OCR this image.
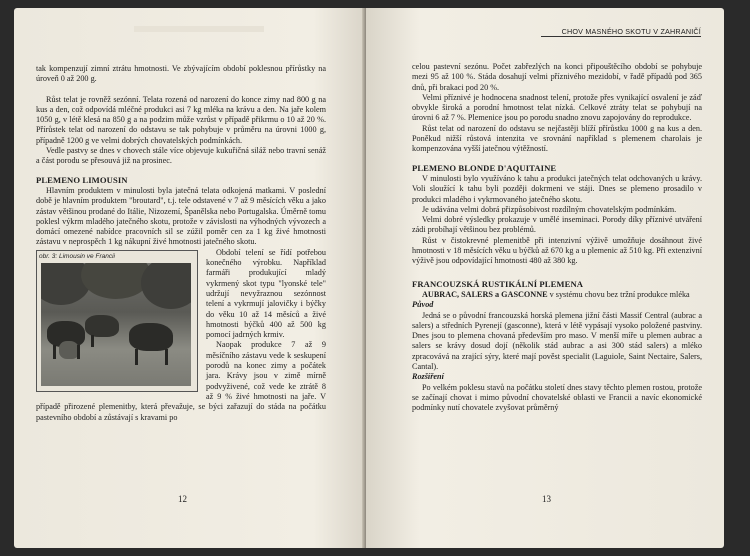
tak kompenzují zimní ztrátu hmotnosti. Ve zbývajícím období poklesnou přírůstky na úroveň 0 až 200 g.

Růst telat je rovněž sezónní. Telata rozená od narození do konce zimy nad 800 g na kus a den, což odpovídá mléčné produkci asi 7 kg mléka na krávu a den. Na jaře kolem 1050 g, v létě klesá na 850 g a na podzim může vzrůst v případě přikrmu o 10 až 20 %. Přírůstek telat od narození do odstavu se tak pohybuje v průměru na úrovni 1000 g, případně 1200 g ve velmi dobrých chovatelských podmínkách.

Vedle pastvy se dnes v chovech stále více objevuje kukuřičná siláž nebo travní senáž a část porodu se přesouvá již na prosinec.

PLEMENO LIMOUSIN

Hlavním produktem v minulosti byla jatečná telata odkojená matkami. V poslední době je hlavním produktem "broutard", t.j. tele odstavené v 7 až 9 měsících věku a jako zástav většinou prodané do Itálie, Nizozemí, Španělska nebo Portugalska. Úměrně tomu poklesl výkrm mladého jatečného skotu, protože v závislosti na výhodných vývozech a domácí omezené nabídce pracovních sil se zúžil poměr cen za 1 kg živé hmotnosti zástavu v neprospěch 1 kg nákupní živé hmotnosti jatečného skotu.

obr. 3: Limousin ve Francii	Období telení se řídí potřebou konečného výrobku. Například farmáři produkující mladý vykrmený skot typu "lyonské tele" udržují nevyžraznou sezónnost telení a vykrmují jalovičky i býčky do věku 10 až 14 měsíců a živé hmotnosti býčků 400 až 500 kg pomocí jadrných krmiv.

Naopak produkce 7 až 9 měsíčního zástavu vede k seskupení porodů na konec zimy a počátek jara. Krávy jsou v zimě mírně podvyživené, což vede ke ztrátě 8 až 9 % živé hmotnosti na jaře. V případě přirozené plemenitby, která převažuje, se býci zařazují do stáda na počátku pastevního období a zůstávají s kravami po

12
CHOV MASNÉHO SKOTU V ZAHRANIČÍ

celou pastevní sezónu. Počet zabřezlých na konci připouštěcího období se pohybuje mezi 95 až 100 %. Stáda dosahují velmi příznivého mezidobí, v řadě případů pod 365 dnů, při brakaci pod 20 %.

Velmi příznivé je hodnocena snadnost telení, protože přes vynikající osvalení je záď obvykle široká a porodní hmotnost telat nízká. Celkové ztráty telat se pohybují na úrovni 6 až 7 %. Plemenice jsou po porodu snadno znovu zapojovány do reprodukce.

Růst telat od narození do odstavu se nejčastěji blíží přírůstku 1000 g na kus a den. Poněkud nižší růstová intenzita ve srovnání například s plemenem charolais je kompenzována vyšší jatečnou výtěžností.

PLEMENO BLONDE D'AQUITAINE

V minulosti bylo využíváno k tahu a produkci jatečných telat odchovaných u krávy. Voli sloužící k tahu byli později dokrmeni ve stáji. Dnes se plemeno prosadilo v produkci mladého i vykrmovaného jatečného skotu.

Je udávána velmi dobrá přizpůsobivost rozdílným chovatelským podmínkám.

Velmi dobré výsledky prokazuje v umělé inseminaci. Porody díky příznivé utváření zádi probíhají většinou bez problémů.

Růst v čistokrevné plemenitbě při intenzivní výživě umožňuje dosáhnout živé hmotnosti v 18 měsících věku u býčků až 670 kg a u plemenic až 510 kg. Při extenzivní výživě jsou odpovídající hmotnosti 480 až 380 kg.

FRANCOUZSKÁ RUSTIKÁLNÍ PLEMENA

AUBRAC, SALERS a GASCONNE v systému chovu bez tržní produkce mléka

Původ

Jedná se o původní francouzská horská plemena jižní části Massif Central (aubrac a salers) a středních Pyrenejí (gasconne), která v létě vypásají vysoko položené pastviny. Dnes jsou to plemena chovaná především pro maso. V menší míře u plemen aubrac a salers se krávy dosud dojí (několik stád aubrac a asi 300 stád salers) a mléko zpracovává na zrající sýry, které mají pověst specialit (Laguiole, Saint Nectaire, Salers, Cantal).

Rozšíření

Po velkém poklesu stavů na počátku století dnes stavy těchto plemen rostou, protože se začínají chovat i mimo původní chovatelské oblasti ve Francii a navíc ekonomické podmínky nutí chovatele zvyšovat průměrný

13
